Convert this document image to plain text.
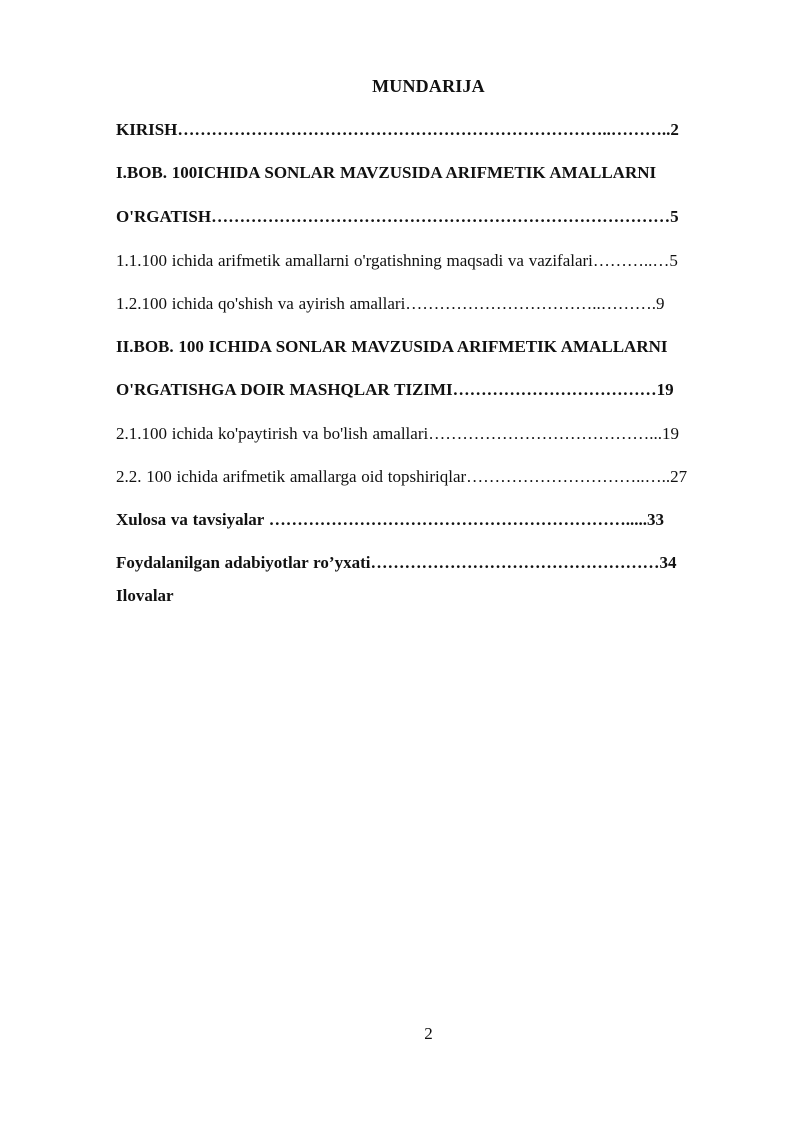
MUNDARIJA
KIRISH…………………………………………………………………..………..2
I.BOB. 100ICHIDA SONLAR MAVZUSIDA ARIFMETIK AMALLARNI
O'RGATISH………………………………………………………………………5
1.1.100 ichida arifmetik amallarni o'rgatishning maqsadi va vazifalari………..…5
1.2.100 ichida qo'shish va ayirish amallari……………………………..……….9
II.BOB. 100 ICHIDA SONLAR MAVZUSIDA ARIFMETIK AMALLARNI
O'RGATISHGA DOIR MASHQLAR TIZIMI………………………………19
2.1.100 ichida ko'paytirish va bo'lish amallari…………………………………...19
2.2. 100 ichida arifmetik amallarga oid topshiriqlar…………………………..…..27
Xulosa va tavsiyalar ……………………………………………………….....33
Foydalanilgan adabiyotlar ro’yxati……………………………………………34
Ilovalar
2
